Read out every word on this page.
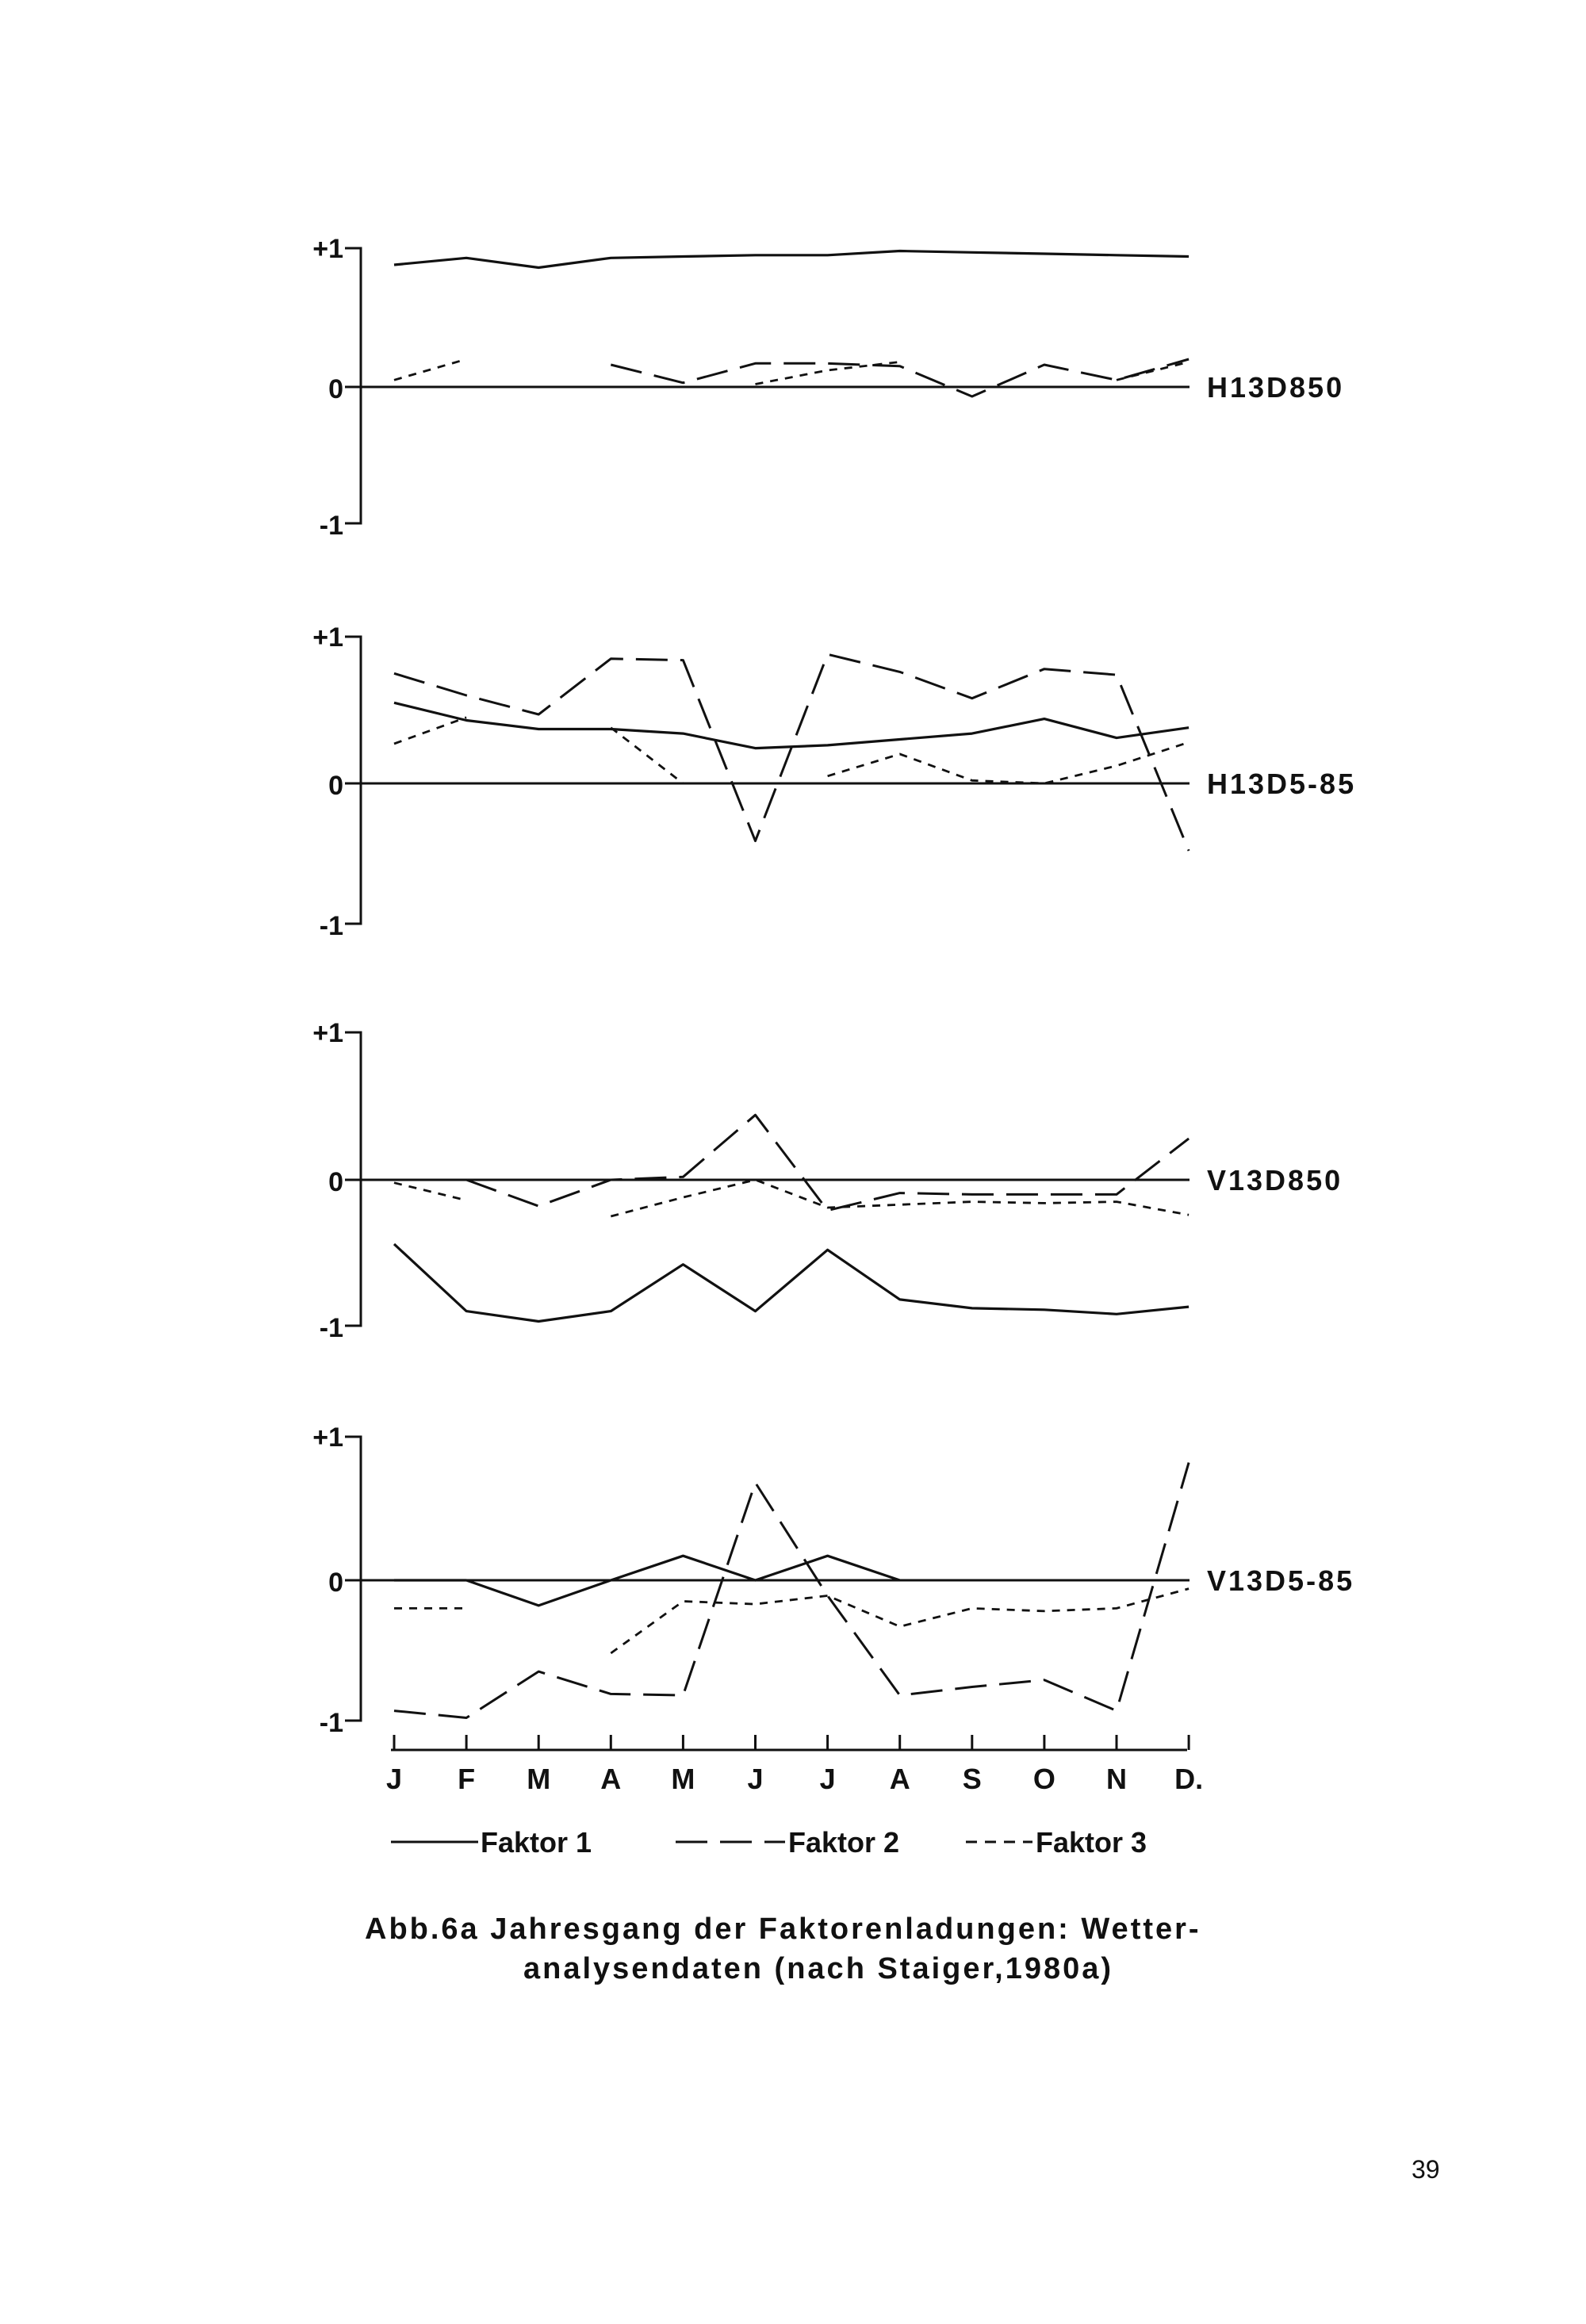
+1
0
-1
H13D850
+1
0
-1
H13D5-85
+1
0
-1
V13D850
+1
0
-1
V13D5-85
J F M A M J J A S O N D.
Faktor 1	Faktor 2	Faktor 3
Abb.6a Jahresgang der Faktorenladungen: Wetter-
analysendaten (nach Staiger,1980a)
39
